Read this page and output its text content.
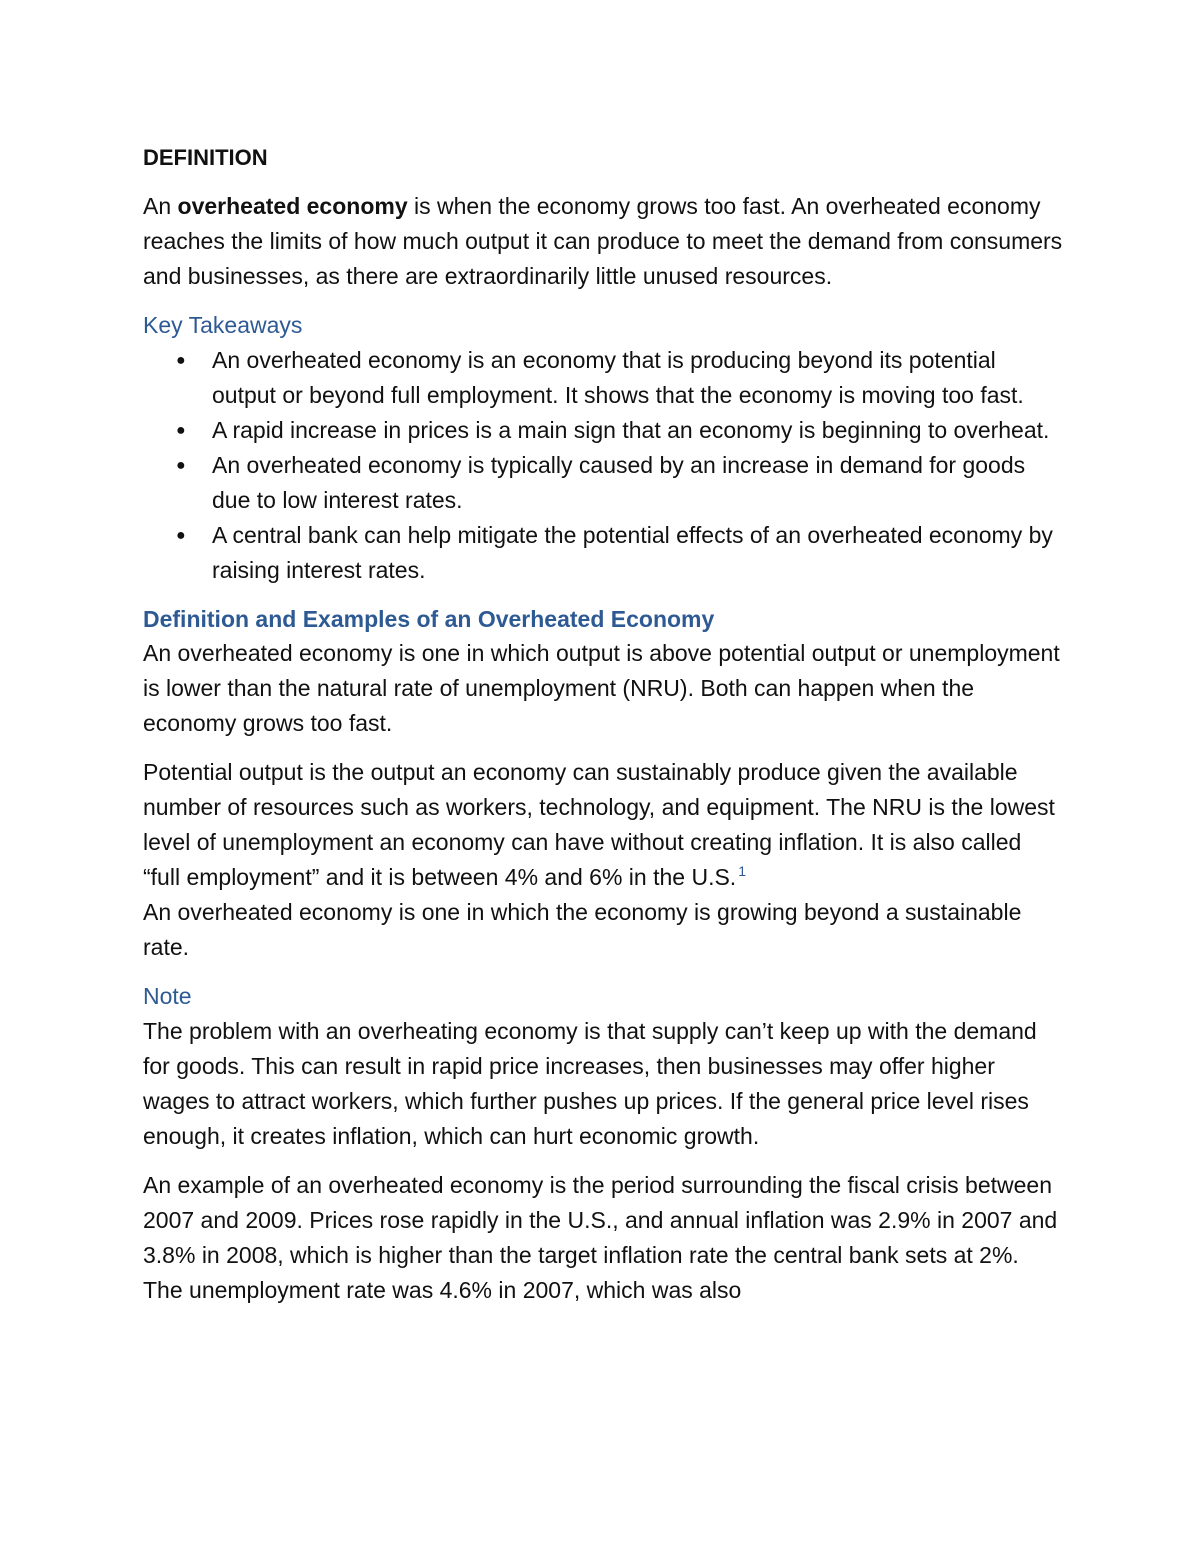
DEFINITION

An overheated economy is when the economy grows too fast. An overheated economy reaches the limits of how much output it can produce to meet the demand from consumers and businesses, as there are extraordinarily little unused resources.

Key Takeaways
● An overheated economy is an economy that is producing beyond its potential output or beyond full employment. It shows that the economy is moving too fast.
● A rapid increase in prices is a main sign that an economy is beginning to overheat.
● An overheated economy is typically caused by an increase in demand for goods due to low interest rates.
● A central bank can help mitigate the potential effects of an overheated economy by raising interest rates.
Definition and Examples of an Overheated Economy

An overheated economy is one in which output is above potential output or unemployment is lower than the natural rate of unemployment (NRU). Both can happen when the economy grows too fast.

Potential output is the output an economy can sustainably produce given the available number of resources such as workers, technology, and equipment. The NRU is the lowest level of unemployment an economy can have without creating inflation. It is also called “full employment” and it is between 4% and 6% in the U.S. $^1$
An overheated economy is one in which the economy is growing beyond a sustainable rate.

Note

The problem with an overheating economy is that supply can’t keep up with the demand for goods. This can result in rapid price increases, then businesses may offer higher wages to attract workers, which further pushes up prices. If the general price level rises enough, it creates inflation, which can hurt economic growth.

An example of an overheated economy is the period surrounding the fiscal crisis between 2007 and 2009. Prices rose rapidly in the U.S., and annual inflation was 2.9% in 2007 and 3.8% in 2008, which is higher than the target inflation rate the central bank sets at 2%. The unemployment rate was 4.6% in 2007, which was also
